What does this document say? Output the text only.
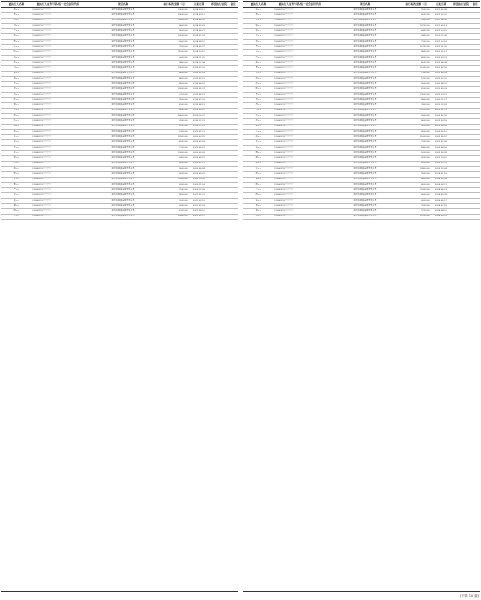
被执行人名称	被执行人证件号码/统一社会信用代码	项目名称	执行标的金额（元）	立案日期	移送执行法院	备注
周××	51340119********	履行拆除违法建筑等义务	10000.00	2018.03.12		
邓××	51340119********	履行拆除违法建筑等义务	20000.00	2018.03.12		
蒋××	51340119********	履行拆除违法建筑等义务	15000.00	2018.04.18		
刘××	51340119********	履行拆除违法建筑等义务	8000.00	2018.05.09		
王××	51340119********	履行拆除违法建筑等义务	9000.00	2018.06.21		
杨××	51340119********	履行拆除违法建筑等义务	12000.00	2018.07.03		
张××	51340119********	履行拆除违法建筑等义务	6000.00	2018.08.15		
李××	51340119********	履行拆除违法建筑等义务	7500.00	2018.09.27		
陈××	51340119********	履行拆除违法建筑等义务	11000.00	2018.10.10		
赵××	51340119********	履行拆除违法建筑等义务	5000.00	2018.11.22		
孙××	51340119********	履行拆除违法建筑等义务	9800.00	2018.12.04		
马××	51340119********	履行拆除违法建筑等义务	13000.00	2019.01.16		
黄××	51340119********	履行拆除违法建筑等义务	6600.00	2019.02.28		
周××	51340119********	履行拆除违法建筑等义务	8800.00	2019.03.13		
吴××	51340119********	履行拆除违法建筑等义务	4500.00	2019.04.25		
郑××	51340119********	履行拆除违法建筑等义务	10500.00	2019.05.07		
冯××	51340119********	履行拆除违法建筑等义务	7200.00	2019.06.19		
陈××	51340119********	履行拆除违法建筑等义务	9300.00	2019.07.01		
褚××	51340119********	履行拆除违法建筑等义务	6100.00	2019.08.13		
卫××	51340119********	履行拆除违法建筑等义务	5800.00	2019.09.25		
蒋××	51340119********	履行拆除违法建筑等义务	14000.00	2019.10.07		
沈××	51340119********	履行拆除违法建筑等义务	3900.00	2019.11.19		
韩××	51340119********	履行拆除违法建筑等义务	8700.00	2019.12.01		
杨××	51340119********	履行拆除违法建筑等义务	9100.00	2020.01.13		
朱××	51340119********	履行拆除违法建筑等义务	12500.00	2020.02.25		
秦××	51340119********	履行拆除违法建筑等义务	6900.00	2020.03.09		
尤××	51340119********	履行拆除违法建筑等义务	7700.00	2020.04.21		
许××	51340119********	履行拆除违法建筑等义务	10200.00	2020.05.03		
何××	51340119********	履行拆除违法建筑等义务	5400.00	2020.06.15		
吕××	51340119********	履行拆除违法建筑等义务	8300.00	2020.07.27		
施××	51340119********	履行拆除违法建筑等义务	9600.00	2020.08.08		
张××	51340119********	履行拆除违法建筑等义务	4200.00	2020.09.20		
孔××	51340119********	履行拆除违法建筑等义务	11800.00	2020.10.02		
曹××	51340119********	履行拆除违法建筑等义务	6300.00	2020.11.14		
严××	51340119********	履行拆除违法建筑等义务	7900.00	2020.12.26		
华××	51340119********	履行拆除违法建筑等义务	8500.00	2021.01.07		
金××	51340119********	履行拆除违法建筑等义务	5100.00	2021.02.19		
魏××	51340119********	履行拆除违法建筑等义务	9900.00	2021.03.03		
陶××	51340119********	履行拆除违法建筑等义务	6700.00	2021.04.15		
姜××	51340119********	履行拆除违法建筑等义务	10800.00	2021.05.27		
被执行人名称	被执行人证件号码/统一社会信用代码	项目名称	执行标的金额（元）	立案日期	移送执行法院	备注
戚××	51340119********	履行拆除违法建筑等义务	7600.00	2021.06.08		
谢××	51340119********	履行拆除违法建筑等义务	8200.00	2021.07.20		
邹××	51340119********	履行拆除违法建筑等义务	5300.00	2021.08.01		
喻××	51340119********	履行拆除违法建筑等义务	12200.00	2021.09.13		
柏××	51340119********	履行拆除违法建筑等义务	6400.00	2021.10.25		
水××	51340119********	履行拆除违法建筑等义务	9400.00	2021.11.06		
窦××	51340119********	履行拆除违法建筑等义务	7100.00	2021.12.18		
章××	51340119********	履行拆除违法建筑等义务	10700.00	2022.01.30		
云××	51340119********	履行拆除违法建筑等义务	4800.00	2022.02.11		
苏××	51340119********	履行拆除违法建筑等义务	8900.00	2022.03.23		
潘××	51340119********	履行拆除违法建筑等义务	6000.00	2022.04.04		
葛××	51340119********	履行拆除违法建筑等义务	11400.00	2022.05.16		
奚××	51340119********	履行拆除违法建筑等义务	7300.00	2022.06.28		
范××	51340119********	履行拆除违法建筑等义务	9700.00	2022.07.10		
彭××	51340119********	履行拆除违法建筑等义务	5600.00	2022.08.22		
郎××	51340119********	履行拆除违法建筑等义务	8100.00	2022.09.03		
鲁××	51340119********	履行拆除违法建筑等义务	13500.00	2022.10.15		
韦××	51340119********	履行拆除违法建筑等义务	6800.00	2022.11.27		
昌××	51340119********	履行拆除违法建筑等义务	7400.00	2022.12.09		
马××	51340119********	履行拆除违法建筑等义务	10100.00	2023.01.21		
苗××	51340119********	履行拆除违法建筑等义务	5900.00	2023.02.02		
凤××	51340119********	履行拆除违法建筑等义务	8600.00	2023.03.16		
花××	51340119********	履行拆除违法建筑等义务	9200.00	2023.04.28		
方××	51340119********	履行拆除违法建筑等义务	6500.00	2023.05.10		
俞××	51340119********	履行拆除违法建筑等义务	11600.00	2023.06.22		
任××	51340119********	履行拆除违法建筑等义务	7000.00	2023.07.04		
袁××	51340119********	履行拆除违法建筑等义务	8400.00	2023.08.16		
柳××	51340119********	履行拆除违法建筑等义务	5200.00	2023.09.28		
酆××	51340119********	履行拆除违法建筑等义务	9500.00	2023.10.10		
鲍××	51340119********	履行拆除违法建筑等义务	6200.00	2023.11.22		
史××	51340119********	履行拆除违法建筑等义务	12800.00	2023.12.04		
唐××	51340119********	履行拆除违法建筑等义务	7800.00	2024.01.16		
费××	51340119********	履行拆除违法建筑等义务	4600.00	2024.02.28		
廉××	51340119********	履行拆除违法建筑等义务	8000.00	2024.03.11		
岑××	51340119********	履行拆除违法建筑等义务	10300.00	2024.04.23		
薛××	51340119********	履行拆除违法建筑等义务	6600.00	2024.05.05		
雷××	51340119********	履行拆除违法建筑等义务	9000.00	2024.06.17		
贺××	51340119********	履行拆除违法建筑等义务	7500.00	2024.07.29		
倪××	51340119********	履行拆除违法建筑等义务	5700.00	2024.08.10		
汤××	51340119********	履行拆除违法建筑等义务	11200.00	2024.09.22		
(下转 10 版)
